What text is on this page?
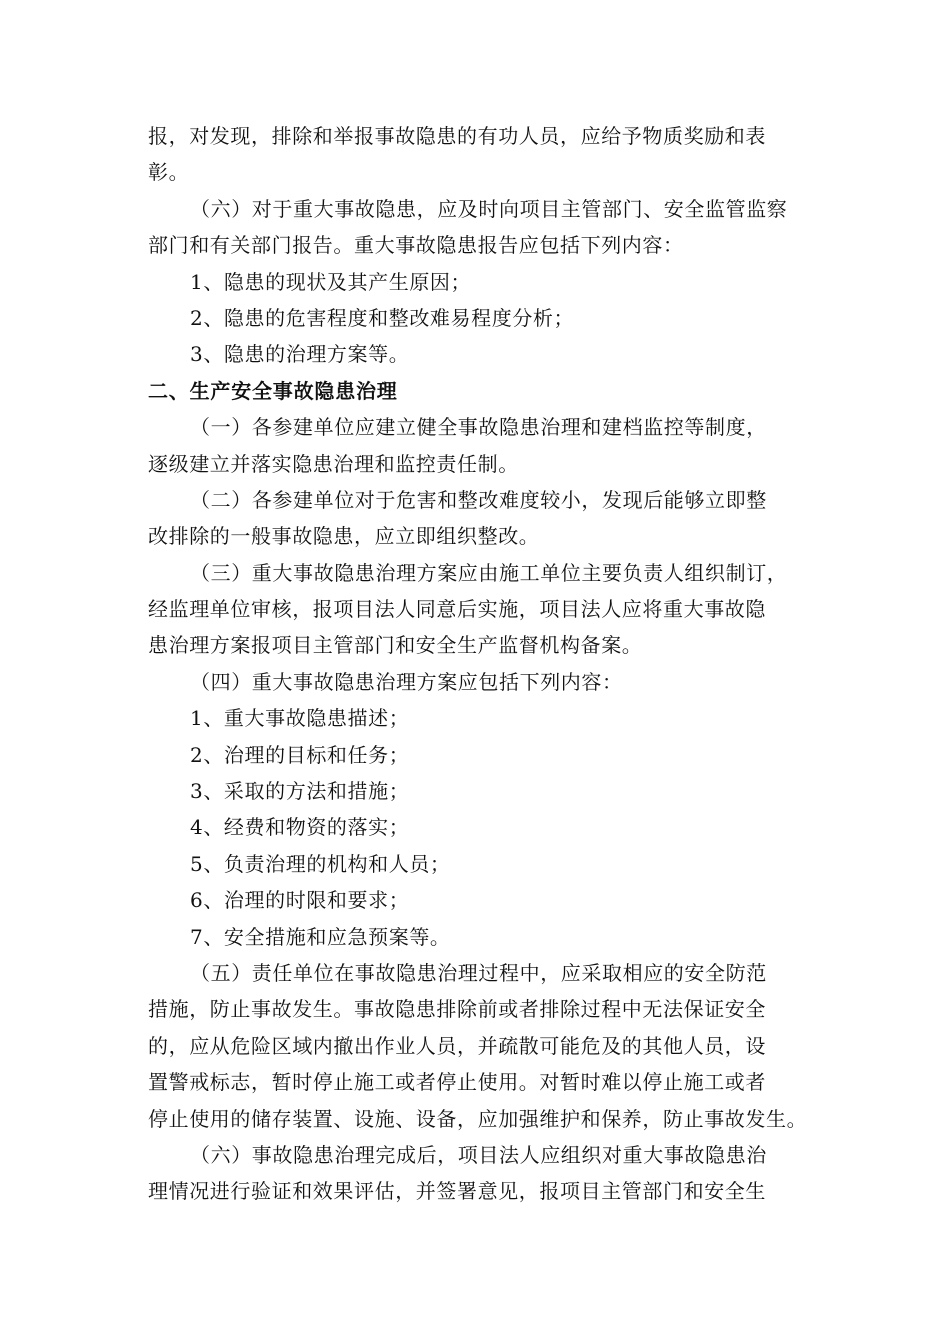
报，对发现，排除和举报事故隐患的有功人员，应给予物质奖励和表
彰。
（六）对于重大事故隐患，应及时向项目主管部门、安全监管监察
部门和有关部门报告。重大事故隐患报告应包括下列内容：
1、隐患的现状及其产生原因；
2、隐患的危害程度和整改难易程度分析；
3、隐患的治理方案等。
二、生产安全事故隐患治理
（一）各参建单位应建立健全事故隐患治理和建档监控等制度，
逐级建立并落实隐患治理和监控责任制。
（二）各参建单位对于危害和整改难度较小，发现后能够立即整
改排除的一般事故隐患，应立即组织整改。
（三）重大事故隐患治理方案应由施工单位主要负责人组织制订，
经监理单位审核，报项目法人同意后实施，项目法人应将重大事故隐
患治理方案报项目主管部门和安全生产监督机构备案。
（四）重大事故隐患治理方案应包括下列内容：
1、重大事故隐患描述；
2、治理的目标和任务；
3、采取的方法和措施；
4、经费和物资的落实；
5、负责治理的机构和人员；
6、治理的时限和要求；
7、安全措施和应急预案等。
（五）责任单位在事故隐患治理过程中，应采取相应的安全防范
措施，防止事故发生。事故隐患排除前或者排除过程中无法保证安全
的，应从危险区域内撤出作业人员，并疏散可能危及的其他人员，设
置警戒标志，暂时停止施工或者停止使用。对暂时难以停止施工或者
停止使用的储存装置、设施、设备，应加强维护和保养，防止事故发生。
（六）事故隐患治理完成后，项目法人应组织对重大事故隐患治
理情况进行验证和效果评估，并签署意见，报项目主管部门和安全生
